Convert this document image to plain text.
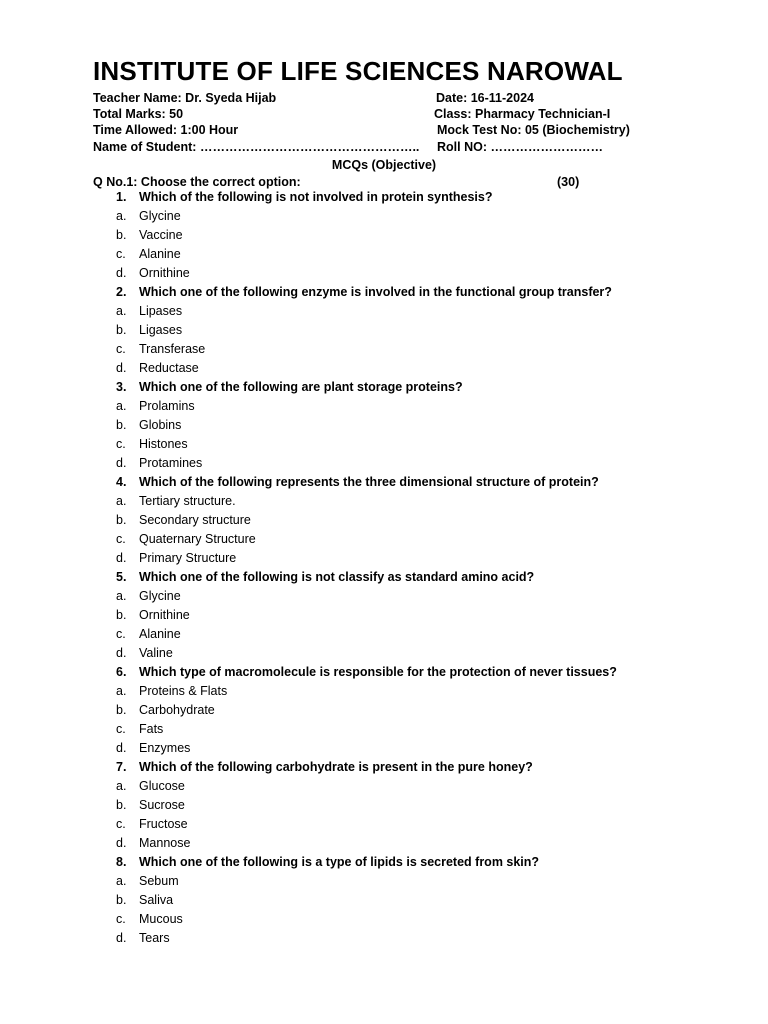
INSTITUTE OF LIFE SCIENCES NAROWAL
Teacher Name: Dr. Syeda Hijab	Date: 16-11-2024
Total Marks: 50	Class: Pharmacy Technician-I
Time Allowed: 1:00 Hour	Mock Test No: 05 (Biochemistry)
Name of Student: …………………………………………….. Roll NO: ………………………
MCQs (Objective)
Q No.1: Choose the correct option:	(30)
1.	Which of the following is not involved in protein synthesis?
a. Glycine
b. Vaccine
c. Alanine
d. Ornithine
2.	Which one of the following enzyme is involved in the functional group transfer?
a. Lipases
b. Ligases
c. Transferase
d. Reductase
3.	Which one of the following are plant storage proteins?
a. Prolamins
b. Globins
c. Histones
d. Protamines
4.	Which of the following represents the three dimensional structure of protein?
a. Tertiary structure.
b. Secondary structure
c. Quaternary Structure
d. Primary Structure
5.	Which one of the following is not classify as standard amino acid?
a. Glycine
b. Ornithine
c. Alanine
d. Valine
6.	Which type of macromolecule is responsible for the protection of never tissues?
a. Proteins & Flats
b. Carbohydrate
c. Fats
d. Enzymes
7.	Which of the following carbohydrate is present in the pure honey?
a. Glucose
b. Sucrose
c. Fructose
d. Mannose
8.	Which one of the following is a type of lipids is secreted from skin?
a. Sebum
b. Saliva
c. Mucous
d. Tears
